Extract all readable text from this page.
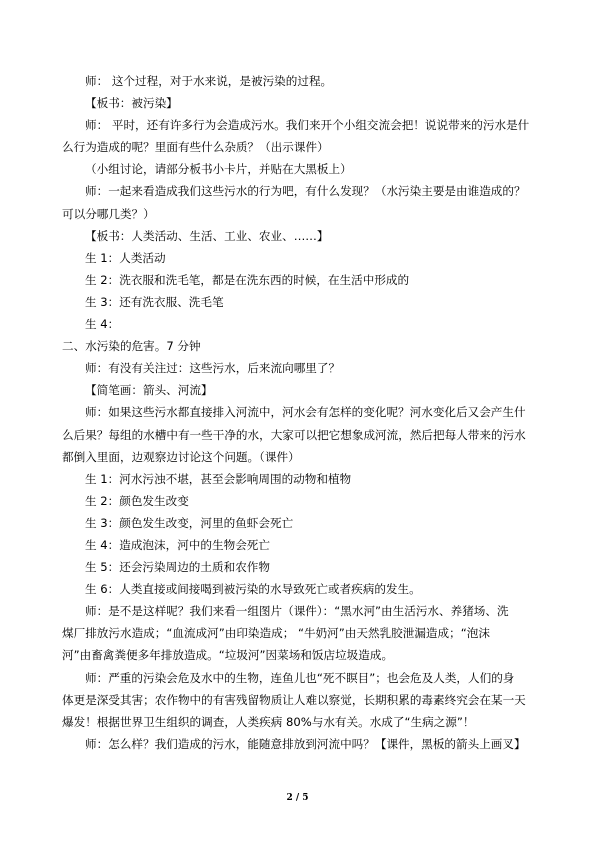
师： 这个过程，对于水来说，是被污染的过程。
【板书：被污染】
师： 平时，还有许多行为会造成污水。我们来开个小组交流会把！说说带来的污水是什
么行为造成的呢？里面有些什么杂质？（出示课件）
（小组讨论，请部分板书小卡片，并贴在大黑板上）
师：一起来看造成我们这些污水的行为吧，有什么发现？（水污染主要是由谁造成的？
可以分哪几类？）
【板书：人类活动、生活、工业、农业、……】
生 1：人类活动
生 2：洗衣服和洗毛笔，都是在洗东西的时候，在生活中形成的
生 3：还有洗衣服、洗毛笔
生 4：
二、水污染的危害。7 分钟
师：有没有关注过：这些污水，后来流向哪里了？
【简笔画：箭头、河流】
师：如果这些污水都直接排入河流中，河水会有怎样的变化呢？河水变化后又会产生什
么后果？每组的水槽中有一些干净的水，大家可以把它想象成河流，然后把每人带来的污水
都倒入里面，边观察边讨论这个问题。（课件）
生 1：河水污浊不堪，甚至会影响周围的动物和植物
生 2：颜色发生改变
生 3：颜色发生改变，河里的鱼虾会死亡
生 4：造成泡沫，河中的生物会死亡
生 5：还会污染周边的土质和农作物
生 6：人类直接或间接喝到被污染的水导致死亡或者疾病的发生。
师：是不是这样呢？我们来看一组图片（课件）：“黑水河”由生活污水、养猪场、洗
煤厂排放污水造成；“血流成河”由印染造成； “牛奶河”由天然乳胶泄漏造成；“泡沫
河”由畜禽粪便多年排放造成。“垃圾河”因菜场和饭店垃圾造成。
师：严重的污染会危及水中的生物，连鱼儿也“死不瞑目”；也会危及人类，人们的身
体更是深受其害；农作物中的有害残留物质让人难以察觉，长期积累的毒素终究会在某一天
爆发！根据世界卫生组织的调查，人类疾病 80%与水有关。水成了“生病之源”！
师：怎么样？我们造成的污水，能随意排放到河流中吗？【课件，黑板的箭头上画叉】
2 / 5
